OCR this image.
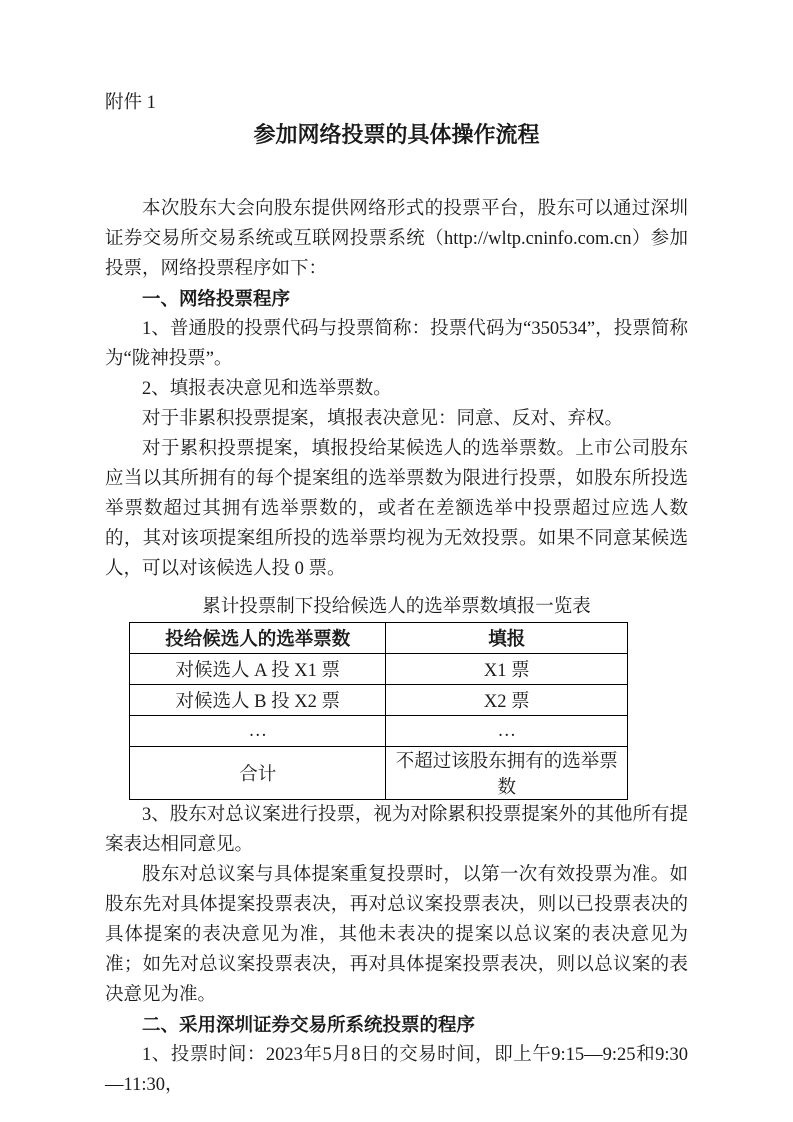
附件 1
参加网络投票的具体操作流程

本次股东大会向股东提供网络形式的投票平台，股东可以通过深圳证券交易所交易系统或互联网投票系统（http://wltp.cninfo.com.cn）参加投票，网络投票程序如下：

一、网络投票程序

1、普通股的投票代码与投票简称：投票代码为“350534”，投票简称为“陇神投票”。

2、填报表决意见和选举票数。

对于非累积投票提案，填报表决意见：同意、反对、弃权。

对于累积投票提案，填报投给某候选人的选举票数。上市公司股东应当以其所拥有的每个提案组的选举票数为限进行投票，如股东所投选举票数超过其拥有选举票数的，或者在差额选举中投票超过应选人数的，其对该项提案组所投的选举票均视为无效投票。如果不同意某候选人，可以对该候选人投 0 票。

累计投票制下投给候选人的选举票数填报一览表
投给候选人的选举票数	填报
对候选人 A 投 X1 票	X1 票
对候选人 B 投 X2 票	X2 票
…	…
合计	不超过该股东拥有的选举票数

3、股东对总议案进行投票，视为对除累积投票提案外的其他所有提案表达相同意见。

股东对总议案与具体提案重复投票时，以第一次有效投票为准。如股东先对具体提案投票表决，再对总议案投票表决，则以已投票表决的具体提案的表决意见为准，其他未表决的提案以总议案的表决意见为准；如先对总议案投票表决，再对具体提案投票表决，则以总议案的表决意见为准。

二、采用深圳证券交易所系统投票的程序

1、投票时间：2023年5月8日的交易时间，即上午9:15—9:25和9:30—11:30，
